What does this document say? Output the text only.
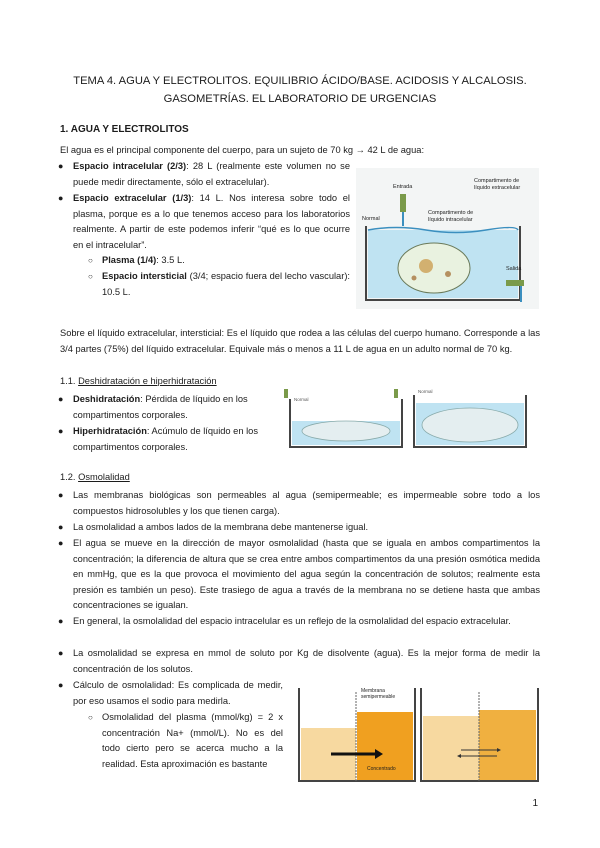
TEMA 4. AGUA Y ELECTROLITOS. EQUILIBRIO ÁCIDO/BASE. ACIDOSIS Y ALCALOSIS.
GASOMETRÍAS. EL LABORATORIO DE URGENCIAS
1. AGUA Y ELECTROLITOS
El agua es el principal componente del cuerpo, para un sujeto de 70 kg → 42 L de agua:
● Espacio intracelular (2/3): 28 L (realmente este volumen no se puede medir directamente, sólo el extracelular).
● Espacio extracelular (1/3): 14 L. Nos interesa sobre todo el plasma, porque es a lo que tenemos acceso para los laboratorios realmente. A partir de este podemos inferir “qué es lo que ocurre en el intracelular”.
○ Plasma (1/4): 3.5 L.
○ Espacio intersticial (3/4; espacio fuera del lecho vascular): 10.5 L.
Entrada
Normal
Compartimento de líquido extracelular
Compartimento de líquido intracelular
Salida
Sobre el líquido extracelular, intersticial: Es el líquido que rodea a las células del cuerpo humano. Corresponde a las 3/4 partes (75%) del líquido extracelular. Equivale más o menos a 11 L de agua en un adulto normal de 70 kg.
1.1. Deshidratación e hiperhidratación
● Deshidratación: Pérdida de líquido en los compartimentos corporales.
● Hiperhidratación: Acúmulo de líquido en los compartimentos corporales.
Normal
Normal
1.2. Osmolalidad
● Las membranas biológicas son permeables al agua (semipermeable; es impermeable sobre todo a los compuestos hidrosolubles y los que tienen carga).
● La osmolalidad a ambos lados de la membrana debe mantenerse igual.
● El agua se mueve en la dirección de mayor osmolalidad (hasta que se iguala en ambos compartimentos la concentración; la diferencia de altura que se crea entre ambos compartimentos da una presión osmótica medida en mmHg, que es la que provoca el movimiento del agua según la concentración de solutos; realmente esta presión es también un peso). Este trasiego de agua a través de la membrana no se detiene hasta que ambas concentraciones se igualan.
● En general, la osmolalidad del espacio intracelular es un reflejo de la osmolalidad del espacio extracelular.
● La osmolalidad se expresa en mmol de soluto por Kg de disolvente (agua). Es la mejor forma de medir la concentración de los solutos.
● Cálculo de osmolalidad: Es complicada de medir, por eso usamos el sodio para medirla.
○ Osmolalidad del plasma (mmol/kg) = 2 x concentración Na+ (mmol/L). No es del todo cierto pero se acerca mucho a la realidad. Esta aproximación es bastante
Membrana semipermeable
Concentrado
1
